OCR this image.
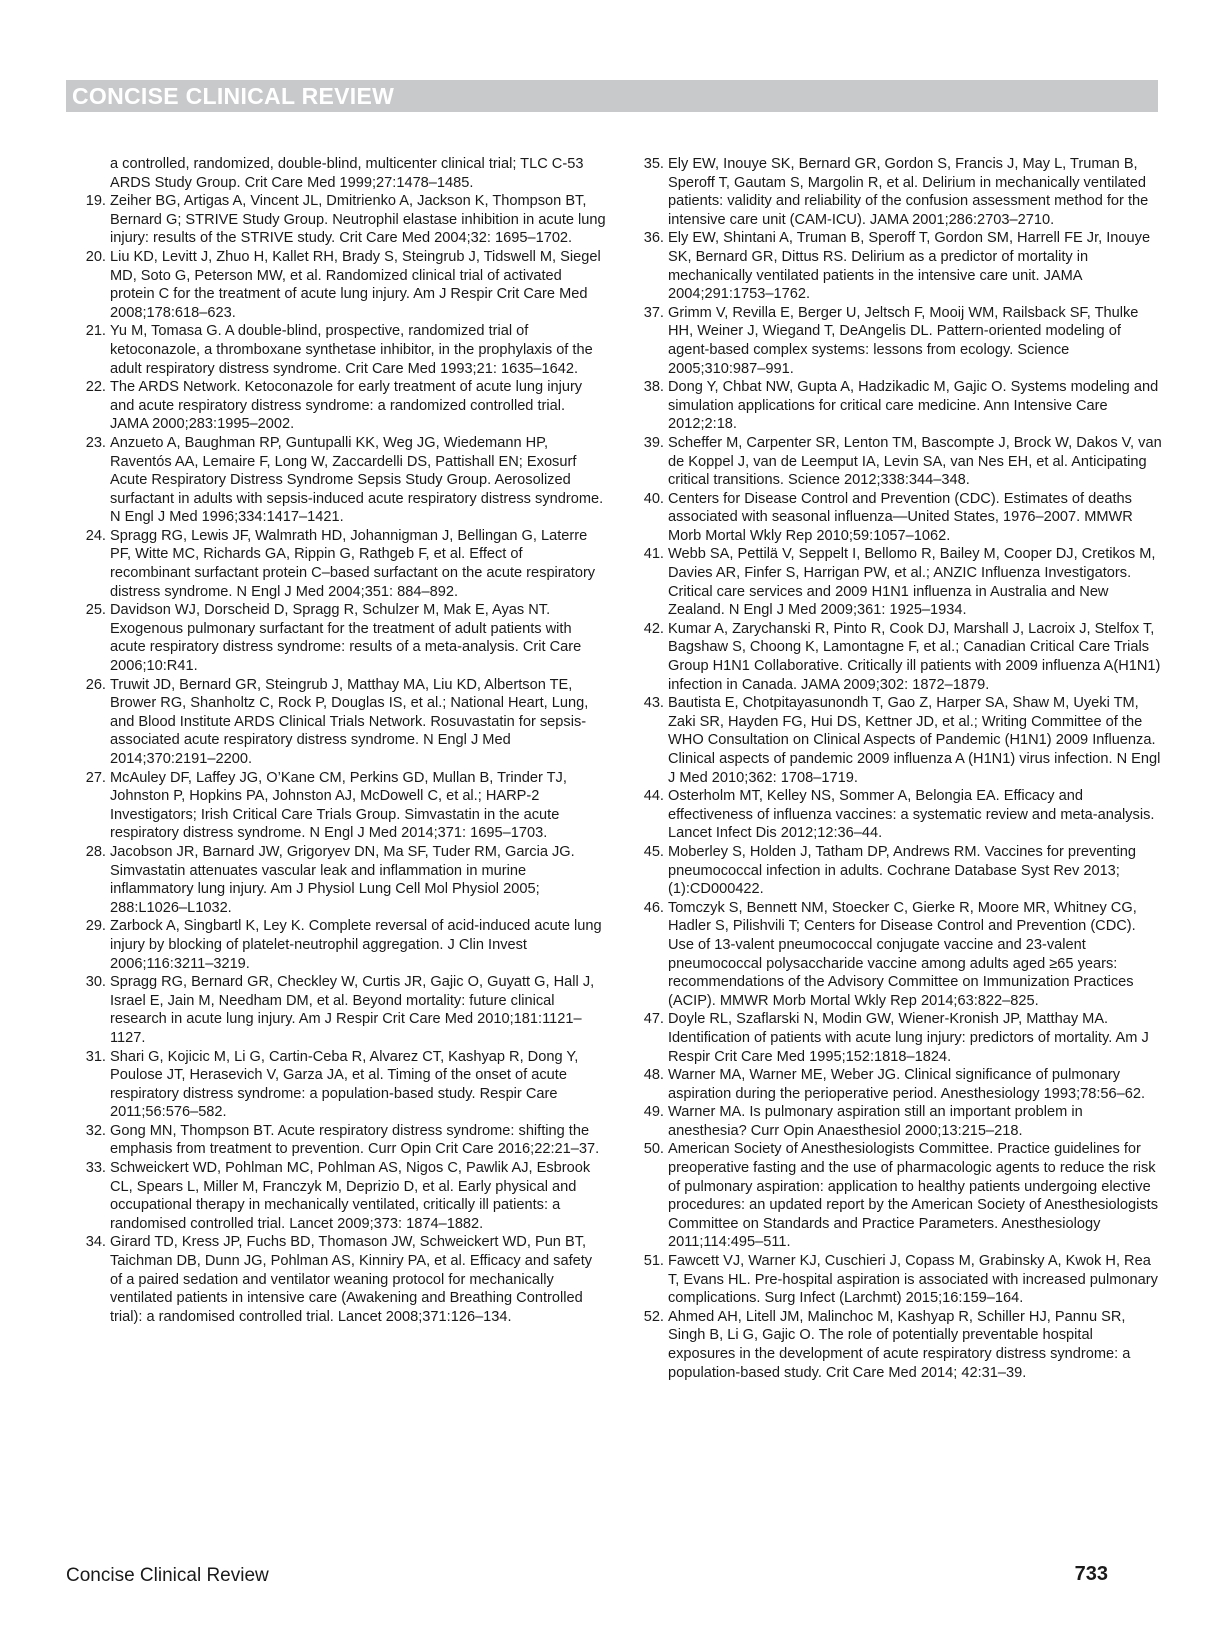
CONCISE CLINICAL REVIEW

a controlled, randomized, double-blind, multicenter clinical trial; TLC C-53 ARDS Study Group. Crit Care Med 1999;27:1478–1485.

19. Zeiher BG, Artigas A, Vincent JL, Dmitrienko A, Jackson K, Thompson BT, Bernard G; STRIVE Study Group. Neutrophil elastase inhibition in acute lung injury: results of the STRIVE study. Crit Care Med 2004;32: 1695–1702.

20. Liu KD, Levitt J, Zhuo H, Kallet RH, Brady S, Steingrub J, Tidswell M, Siegel MD, Soto G, Peterson MW, et al. Randomized clinical trial of activated protein C for the treatment of acute lung injury. Am J Respir Crit Care Med 2008;178:618–623.

21. Yu M, Tomasa G. A double-blind, prospective, randomized trial of ketoconazole, a thromboxane synthetase inhibitor, in the prophylaxis of the adult respiratory distress syndrome. Crit Care Med 1993;21: 1635–1642.

22. The ARDS Network. Ketoconazole for early treatment of acute lung injury and acute respiratory distress syndrome: a randomized controlled trial. JAMA 2000;283:1995–2002.

23. Anzueto A, Baughman RP, Guntupalli KK, Weg JG, Wiedemann HP, Raventós AA, Lemaire F, Long W, Zaccardelli DS, Pattishall EN; Exosurf Acute Respiratory Distress Syndrome Sepsis Study Group. Aerosolized surfactant in adults with sepsis-induced acute respiratory distress syndrome. N Engl J Med 1996;334:1417–1421.

24. Spragg RG, Lewis JF, Walmrath HD, Johannigman J, Bellingan G, Laterre PF, Witte MC, Richards GA, Rippin G, Rathgeb F, et al. Effect of recombinant surfactant protein C–based surfactant on the acute respiratory distress syndrome. N Engl J Med 2004;351: 884–892.

25. Davidson WJ, Dorscheid D, Spragg R, Schulzer M, Mak E, Ayas NT. Exogenous pulmonary surfactant for the treatment of adult patients with acute respiratory distress syndrome: results of a meta-analysis. Crit Care 2006;10:R41.

26. Truwit JD, Bernard GR, Steingrub J, Matthay MA, Liu KD, Albertson TE, Brower RG, Shanholtz C, Rock P, Douglas IS, et al.; National Heart, Lung, and Blood Institute ARDS Clinical Trials Network. Rosuvastatin for sepsis-associated acute respiratory distress syndrome. N Engl J Med 2014;370:2191–2200.

27. McAuley DF, Laffey JG, O’Kane CM, Perkins GD, Mullan B, Trinder TJ, Johnston P, Hopkins PA, Johnston AJ, McDowell C, et al.; HARP-2 Investigators; Irish Critical Care Trials Group. Simvastatin in the acute respiratory distress syndrome. N Engl J Med 2014;371: 1695–1703.

28. Jacobson JR, Barnard JW, Grigoryev DN, Ma SF, Tuder RM, Garcia JG. Simvastatin attenuates vascular leak and inflammation in murine inflammatory lung injury. Am J Physiol Lung Cell Mol Physiol 2005; 288:L1026–L1032.

29. Zarbock A, Singbartl K, Ley K. Complete reversal of acid-induced acute lung injury by blocking of platelet-neutrophil aggregation. J Clin Invest 2006;116:3211–3219.

30. Spragg RG, Bernard GR, Checkley W, Curtis JR, Gajic O, Guyatt G, Hall J, Israel E, Jain M, Needham DM, et al. Beyond mortality: future clinical research in acute lung injury. Am J Respir Crit Care Med 2010;181:1121–1127.

31. Shari G, Kojicic M, Li G, Cartin-Ceba R, Alvarez CT, Kashyap R, Dong Y, Poulose JT, Herasevich V, Garza JA, et al. Timing of the onset of acute respiratory distress syndrome: a population-based study. Respir Care 2011;56:576–582.

32. Gong MN, Thompson BT. Acute respiratory distress syndrome: shifting the emphasis from treatment to prevention. Curr Opin Crit Care 2016;22:21–37.

33. Schweickert WD, Pohlman MC, Pohlman AS, Nigos C, Pawlik AJ, Esbrook CL, Spears L, Miller M, Franczyk M, Deprizio D, et al. Early physical and occupational therapy in mechanically ventilated, critically ill patients: a randomised controlled trial. Lancet 2009;373: 1874–1882.

34. Girard TD, Kress JP, Fuchs BD, Thomason JW, Schweickert WD, Pun BT, Taichman DB, Dunn JG, Pohlman AS, Kinniry PA, et al. Efficacy and safety of a paired sedation and ventilator weaning protocol for mechanically ventilated patients in intensive care (Awakening and Breathing Controlled trial): a randomised controlled trial. Lancet 2008;371:126–134.

35. Ely EW, Inouye SK, Bernard GR, Gordon S, Francis J, May L, Truman B, Speroff T, Gautam S, Margolin R, et al. Delirium in mechanically ventilated patients: validity and reliability of the confusion assessment method for the intensive care unit (CAM-ICU). JAMA 2001;286:2703–2710.

36. Ely EW, Shintani A, Truman B, Speroff T, Gordon SM, Harrell FE Jr, Inouye SK, Bernard GR, Dittus RS. Delirium as a predictor of mortality in mechanically ventilated patients in the intensive care unit. JAMA 2004;291:1753–1762.

37. Grimm V, Revilla E, Berger U, Jeltsch F, Mooij WM, Railsback SF, Thulke HH, Weiner J, Wiegand T, DeAngelis DL. Pattern-oriented modeling of agent-based complex systems: lessons from ecology. Science 2005;310:987–991.

38. Dong Y, Chbat NW, Gupta A, Hadzikadic M, Gajic O. Systems modeling and simulation applications for critical care medicine. Ann Intensive Care 2012;2:18.

39. Scheffer M, Carpenter SR, Lenton TM, Bascompte J, Brock W, Dakos V, van de Koppel J, van de Leemput IA, Levin SA, van Nes EH, et al. Anticipating critical transitions. Science 2012;338:344–348.

40. Centers for Disease Control and Prevention (CDC). Estimates of deaths associated with seasonal influenza—United States, 1976–2007. MMWR Morb Mortal Wkly Rep 2010;59:1057–1062.

41. Webb SA, Pettilä V, Seppelt I, Bellomo R, Bailey M, Cooper DJ, Cretikos M, Davies AR, Finfer S, Harrigan PW, et al.; ANZIC Influenza Investigators. Critical care services and 2009 H1N1 influenza in Australia and New Zealand. N Engl J Med 2009;361: 1925–1934.

42. Kumar A, Zarychanski R, Pinto R, Cook DJ, Marshall J, Lacroix J, Stelfox T, Bagshaw S, Choong K, Lamontagne F, et al.; Canadian Critical Care Trials Group H1N1 Collaborative. Critically ill patients with 2009 influenza A(H1N1) infection in Canada. JAMA 2009;302: 1872–1879.

43. Bautista E, Chotpitayasunondh T, Gao Z, Harper SA, Shaw M, Uyeki TM, Zaki SR, Hayden FG, Hui DS, Kettner JD, et al.; Writing Committee of the WHO Consultation on Clinical Aspects of Pandemic (H1N1) 2009 Influenza. Clinical aspects of pandemic 2009 influenza A (H1N1) virus infection. N Engl J Med 2010;362: 1708–1719.

44. Osterholm MT, Kelley NS, Sommer A, Belongia EA. Efficacy and effectiveness of influenza vaccines: a systematic review and meta-analysis. Lancet Infect Dis 2012;12:36–44.

45. Moberley S, Holden J, Tatham DP, Andrews RM. Vaccines for preventing pneumococcal infection in adults. Cochrane Database Syst Rev 2013;(1):CD000422.

46. Tomczyk S, Bennett NM, Stoecker C, Gierke R, Moore MR, Whitney CG, Hadler S, Pilishvili T; Centers for Disease Control and Prevention (CDC). Use of 13-valent pneumococcal conjugate vaccine and 23-valent pneumococcal polysaccharide vaccine among adults aged ≥65 years: recommendations of the Advisory Committee on Immunization Practices (ACIP). MMWR Morb Mortal Wkly Rep 2014;63:822–825.

47. Doyle RL, Szaflarski N, Modin GW, Wiener-Kronish JP, Matthay MA. Identification of patients with acute lung injury: predictors of mortality. Am J Respir Crit Care Med 1995;152:1818–1824.

48. Warner MA, Warner ME, Weber JG. Clinical significance of pulmonary aspiration during the perioperative period. Anesthesiology 1993;78:56–62.

49. Warner MA. Is pulmonary aspiration still an important problem in anesthesia? Curr Opin Anaesthesiol 2000;13:215–218.

50. American Society of Anesthesiologists Committee. Practice guidelines for preoperative fasting and the use of pharmacologic agents to reduce the risk of pulmonary aspiration: application to healthy patients undergoing elective procedures: an updated report by the American Society of Anesthesiologists Committee on Standards and Practice Parameters. Anesthesiology 2011;114:495–511.

51. Fawcett VJ, Warner KJ, Cuschieri J, Copass M, Grabinsky A, Kwok H, Rea T, Evans HL. Pre-hospital aspiration is associated with increased pulmonary complications. Surg Infect (Larchmt) 2015;16:159–164.

52. Ahmed AH, Litell JM, Malinchoc M, Kashyap R, Schiller HJ, Pannu SR, Singh B, Li G, Gajic O. The role of potentially preventable hospital exposures in the development of acute respiratory distress syndrome: a population-based study. Crit Care Med 2014; 42:31–39.

Concise Clinical Review	733
